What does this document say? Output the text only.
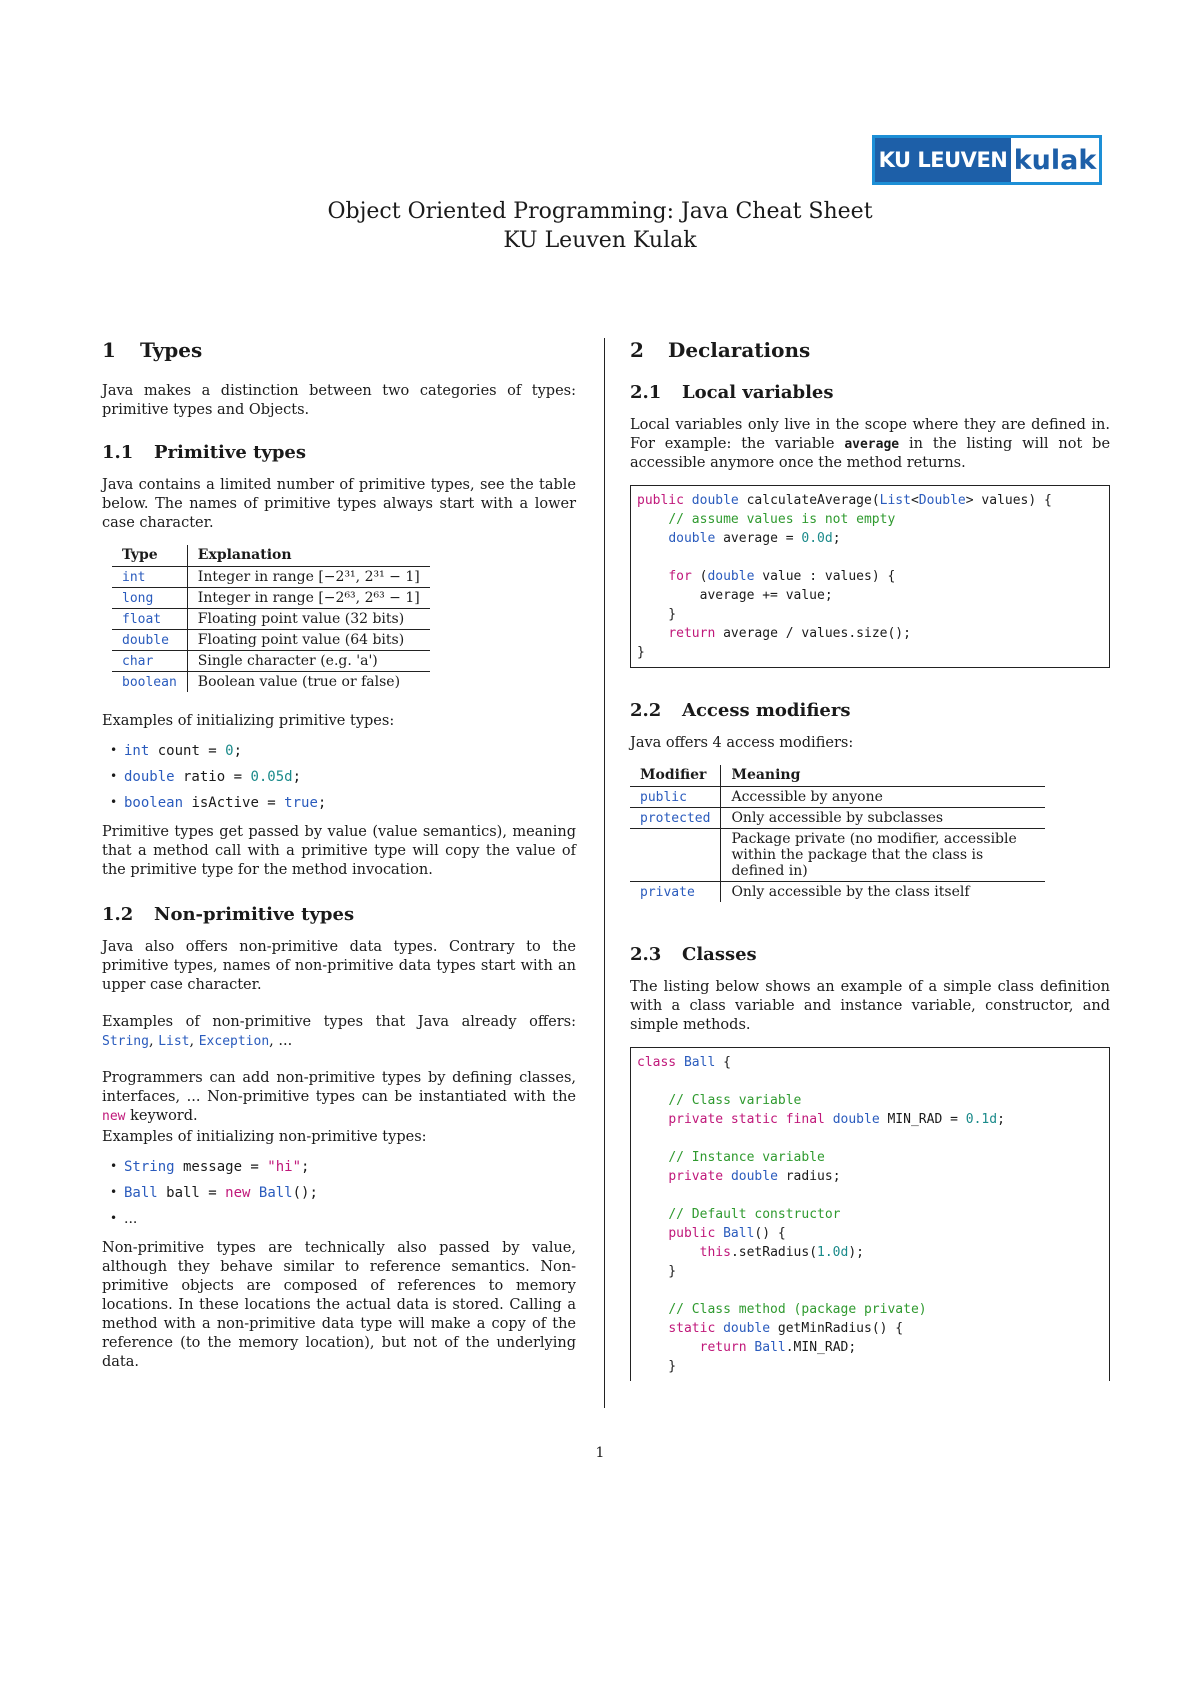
KU LEUVEN kulak
Object Oriented Programming: Java Cheat Sheet
KU Leuven Kulak
1 Types

Java makes a distinction between two categories of types: primitive types and Objects.

1.1 Primitive types

Java contains a limited number of primitive types, see the table below. The names of primitive types always start with a lower case character.

Type	Explanation
int	Integer in range [−2³¹, 2³¹ − 1]
long	Integer in range [−2⁶³, 2⁶³ − 1]
float	Floating point value (32 bits)
double	Floating point value (64 bits)
char	Single character (e.g. 'a')
boolean	Boolean value (true or false)

Examples of initializing primitive types:

• int count = 0;
• double ratio = 0.05d;
• boolean isActive = true;

Primitive types get passed by value (value semantics), meaning that a method call with a primitive type will copy the value of the primitive type for the method invocation.

1.2 Non-primitive types

Java also offers non-primitive data types. Contrary to the primitive types, names of non-primitive data types start with an upper case character.

Examples of non-primitive types that Java already offers: String, List, Exception, ...

Programmers can add non-primitive types by defining classes, interfaces, ... Non-primitive types can be instantiated with the new keyword.

Examples of initializing non-primitive types:

• String message = "hi";
• Ball ball = new Ball();
• ...

Non-primitive types are technically also passed by value, although they behave similar to reference semantics. Non-primitive objects are composed of references to memory locations. In these locations the actual data is stored. Calling a method with a non-primitive data type will make a copy of the reference (to the memory location), but not of the underlying data.

2 Declarations
2.1 Local variables

Local variables only live in the scope where they are defined in. For example: the variable average in the listing will not be accessible anymore once the method returns.

public double calculateAverage(List<Double> values) {
// assume values is not empty
double average = 0.0d;

for (double value : values) {
average += value;
}
return average / values.size();
}
2.2 Access modifiers

Java offers 4 access modifiers:

Modifier	Meaning
public	Accessible by anyone
protected	Only accessible by subclasses
	Package private (no modifier, accessible within the package that the class is defined in)
private	Only accessible by the class itself
2.3 Classes

The listing below shows an example of a simple class definition with a class variable and instance variable, constructor, and simple methods.

class Ball {

// Class variable
private static final double MIN_RAD = 0.1d;

// Instance variable
private double radius;

// Default constructor
public Ball() {
this.setRadius(1.0d);
}

// Class method (package private)
static double getMinRadius() {
return Ball.MIN_RAD;
}
1
